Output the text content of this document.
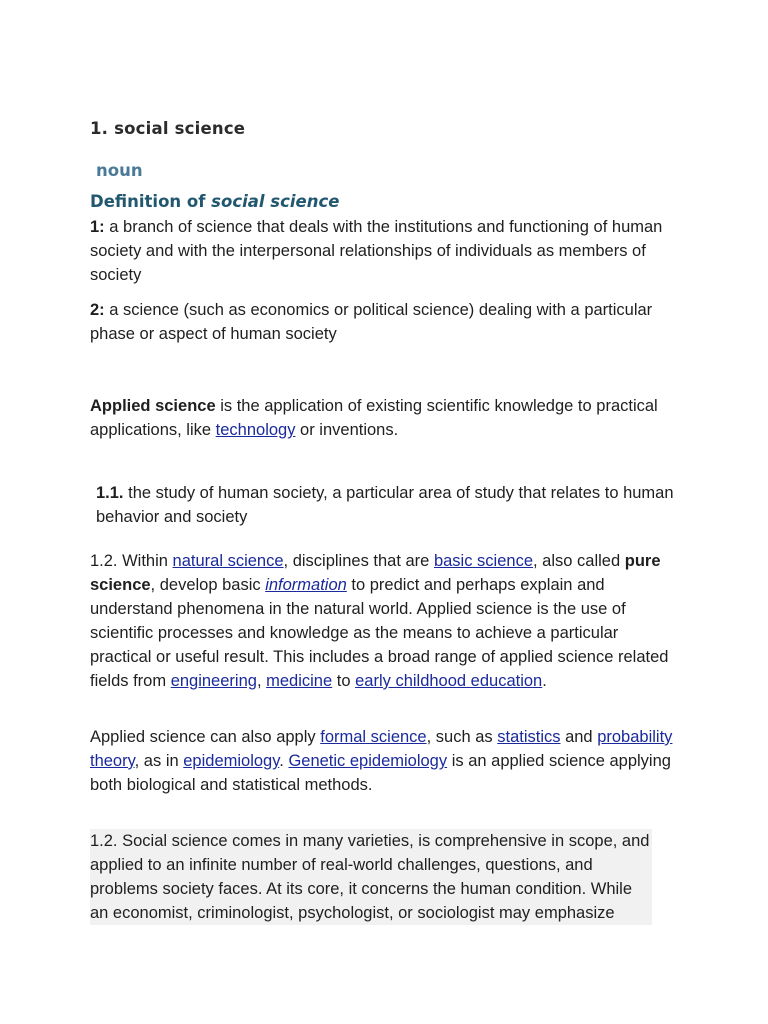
1. social science
noun
Definition of social science
1: a branch of science that deals with the institutions and functioning of human society and with the interpersonal relationships of individuals as members of society
2: a science (such as economics or political science) dealing with a particular phase or aspect of human society
Applied science is the application of existing scientific knowledge to practical applications, like technology or inventions.
1.1. the study of human society, a particular area of study that relates to human behavior and society
1.2. Within natural science, disciplines that are basic science, also called pure science, develop basic information to predict and perhaps explain and understand phenomena in the natural world. Applied science is the use of scientific processes and knowledge as the means to achieve a particular practical or useful result. This includes a broad range of applied science related fields from engineering, medicine to early childhood education.
Applied science can also apply formal science, such as statistics and probability theory, as in epidemiology. Genetic epidemiology is an applied science applying both biological and statistical methods.
1.2. Social science comes in many varieties, is comprehensive in scope, and
applied to an infinite number of real-world challenges, questions, and
problems society faces. At its core, it concerns the human condition. While
an economist, criminologist, psychologist, or sociologist may emphasize
